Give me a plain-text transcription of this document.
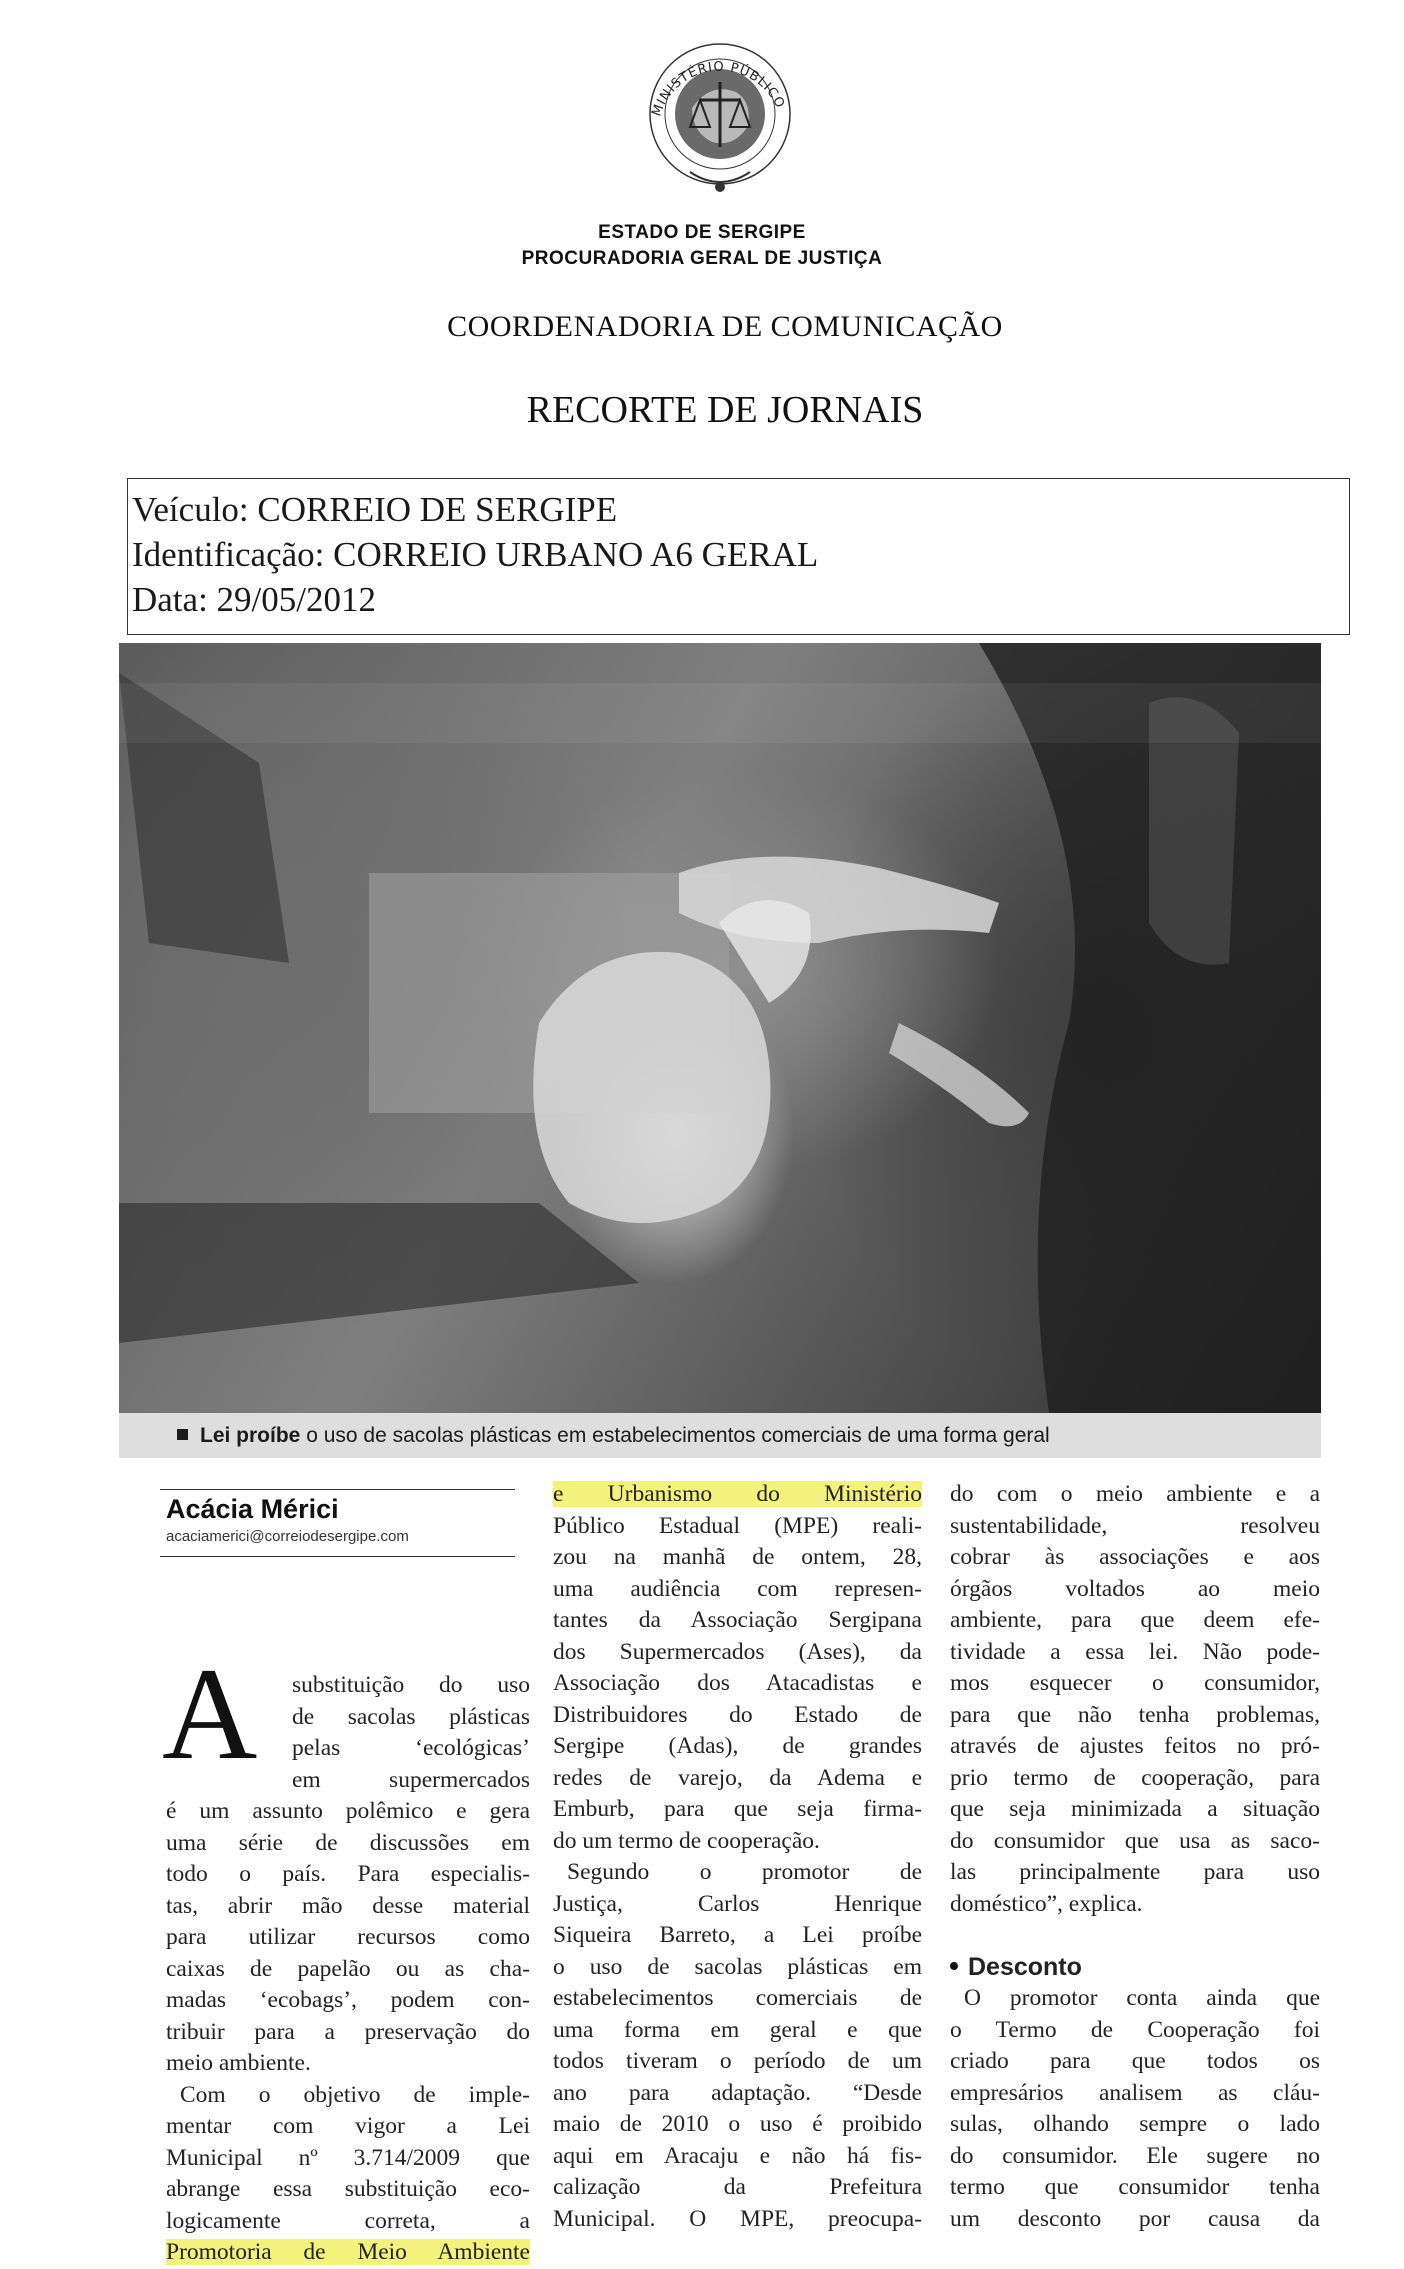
MINISTÉRIO PÚBLICO
ESTADO DE SERGIPE
PROCURADORIA GERAL DE JUSTIÇA
COORDENADORIA DE COMUNICAÇÃO
RECORTE DE JORNAIS
Veículo: CORREIO DE SERGIPE
Identificação: CORREIO URBANO A6 GERAL
Data: 29/05/2012
Lei proíbe o uso de sacolas plásticas em estabelecimentos comerciais de uma forma geral
Acácia Mérici
acaciamerici@correiodesergipe.com
A	substituição do uso
de sacolas plásticas
pelas ‘ecológicas’
em supermercados
é um assunto polêmico e gera
uma série de discussões em
todo o país. Para especialis-
tas, abrir mão desse material
para utilizar recursos como
caixas de papelão ou as cha-
madas ‘ecobags’, podem con-
tribuir para a preservação do
meio ambiente.
Com o objetivo de imple-
mentar com vigor a Lei
Municipal nº 3.714/2009 que
abrange essa substituição eco-
logicamente correta, a
Promotoria de Meio Ambiente
e Urbanismo do Ministério
Público Estadual (MPE) reali-
zou na manhã de ontem, 28,
uma audiência com represen-
tantes da Associação Sergipana
dos Supermercados (Ases), da
Associação dos Atacadistas e
Distribuidores do Estado de
Sergipe (Adas), de grandes
redes de varejo, da Adema e
Emburb, para que seja firma-
do um termo de cooperação.
Segundo o promotor de
Justiça, Carlos Henrique
Siqueira Barreto, a Lei proíbe
o uso de sacolas plásticas em
estabelecimentos comerciais de
uma forma em geral e que
todos tiveram o período de um
ano para adaptação. “Desde
maio de 2010 o uso é proibido
aqui em Aracaju e não há fis-
calização da Prefeitura
Municipal. O MPE, preocupa-
do com o meio ambiente e a
sustentabilidade, resolveu
cobrar às associações e aos
órgãos voltados ao meio
ambiente, para que deem efe-
tividade a essa lei. Não pode-
mos esquecer o consumidor,
para que não tenha problemas,
através de ajustes feitos no pró-
prio termo de cooperação, para
que seja minimizada a situação
do consumidor que usa as saco-
las principalmente para uso
doméstico”, explica.
Desconto
O promotor conta ainda que
o Termo de Cooperação foi
criado para que todos os
empresários analisem as cláu-
sulas, olhando sempre o lado
do consumidor. Ele sugere no
termo que consumidor tenha
um desconto por causa da
